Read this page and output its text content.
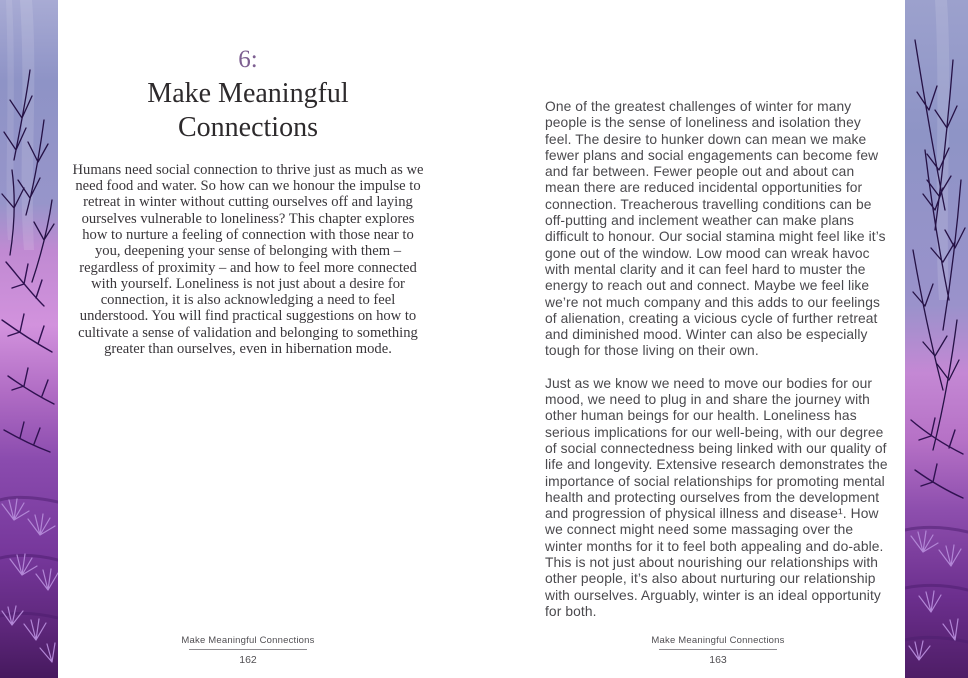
6:
Make Meaningful Connections
Humans need social connection to thrive just as much as we need food and water. So how can we honour the impulse to retreat in winter without cutting ourselves off and laying ourselves vulnerable to loneliness? This chapter explores how to nurture a feeling of connection with those near to you, deepening your sense of belonging with them – regardless of proximity – and how to feel more connected with yourself. Loneliness is not just about a desire for connection, it is also acknowledging a need to feel understood. You will find practical suggestions on how to cultivate a sense of validation and belonging to something greater than ourselves, even in hibernation mode.
Make Meaningful Connections
162

One of the greatest challenges of winter for many people is the sense of loneliness and isolation they feel. The desire to hunker down can mean we make fewer plans and social engagements can become few and far between. Fewer people out and about can mean there are reduced incidental opportunities for connection. Treacherous travelling conditions can be off-putting and inclement weather can make plans difficult to honour. Our social stamina might feel like it’s gone out of the window. Low mood can wreak havoc with mental clarity and it can feel hard to muster the energy to reach out and connect. Maybe we feel like we’re not much company and this adds to our feelings of alienation, creating a vicious cycle of further retreat and diminished mood. Winter can also be especially tough for those living on their own.

Just as we know we need to move our bodies for our mood, we need to plug in and share the journey with other human beings for our health. Loneliness has serious implications for our well-being, with our degree of social connectedness being linked with our quality of life and longevity. Extensive research demonstrates the importance of social relationships for promoting mental health and protecting ourselves from the development and progression of physical illness and disease¹. How we connect might need some massaging over the winter months for it to feel both appealing and do-able. This is not just about nourishing our relationships with other people, it’s also about nurturing our relationship with ourselves. Arguably, winter is an ideal opportunity for both.

Make Meaningful Connections
163
